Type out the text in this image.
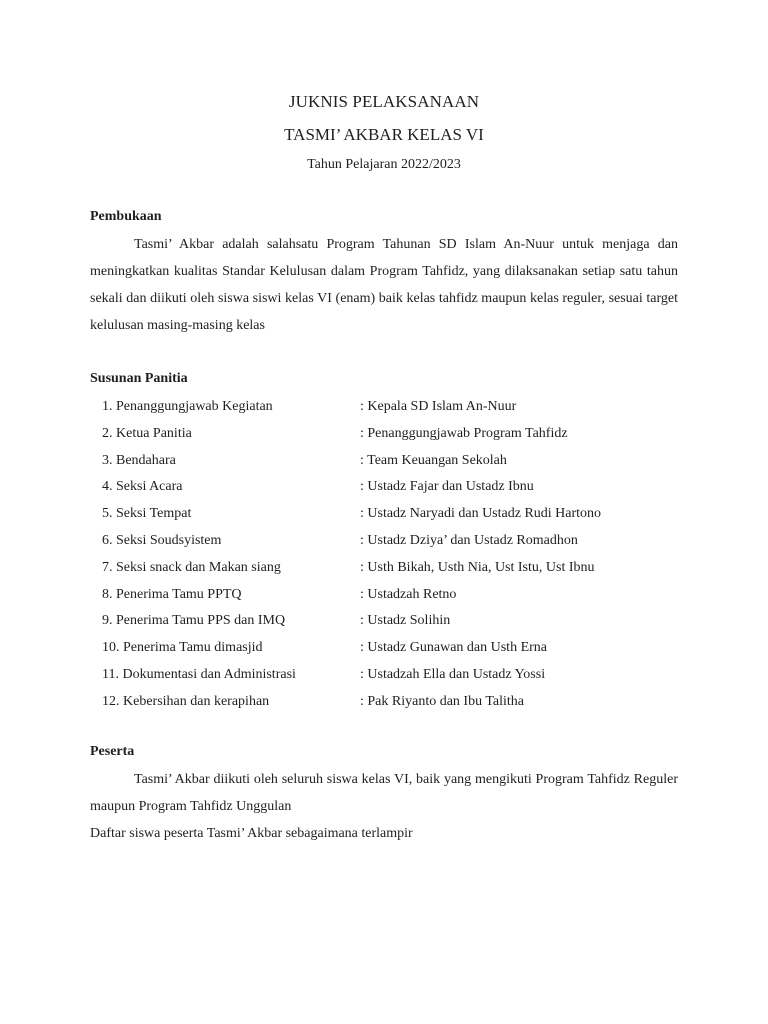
JUKNIS PELAKSANAAN
TASMI’ AKBAR KELAS VI
Tahun Pelajaran 2022/2023
Pembukaan
Tasmi’ Akbar adalah salahsatu Program Tahunan SD Islam An-Nuur untuk menjaga dan meningkatkan kualitas Standar Kelulusan dalam Program Tahfidz, yang dilaksanakan setiap satu tahun sekali dan diikuti oleh siswa siswi kelas VI (enam) baik kelas tahfidz maupun kelas reguler, sesuai target kelulusan masing-masing kelas
Susunan Panitia
1. Penanggungjawab Kegiatan	: Kepala SD Islam An-Nuur
2. Ketua Panitia	: Penanggungjawab Program Tahfidz
3. Bendahara	: Team Keuangan Sekolah
4. Seksi Acara	: Ustadz Fajar dan Ustadz Ibnu
5. Seksi Tempat	: Ustadz Naryadi dan Ustadz Rudi Hartono
6. Seksi Soudsyistem	: Ustadz Dziya’ dan Ustadz Romadhon
7. Seksi snack dan Makan siang	: Usth Bikah, Usth Nia, Ust Istu, Ust Ibnu
8. Penerima Tamu PPTQ	: Ustadzah Retno
9. Penerima Tamu PPS dan IMQ	: Ustadz Solihin
10. Penerima Tamu dimasjid	: Ustadz Gunawan dan Usth Erna
11. Dokumentasi dan Administrasi	: Ustadzah Ella dan Ustadz Yossi
12. Kebersihan dan kerapihan	: Pak Riyanto dan Ibu Talitha
Peserta
Tasmi’ Akbar diikuti oleh seluruh siswa kelas VI, baik yang mengikuti Program Tahfidz Reguler maupun Program Tahfidz Unggulan
Daftar siswa peserta Tasmi’ Akbar sebagaimana terlampir
